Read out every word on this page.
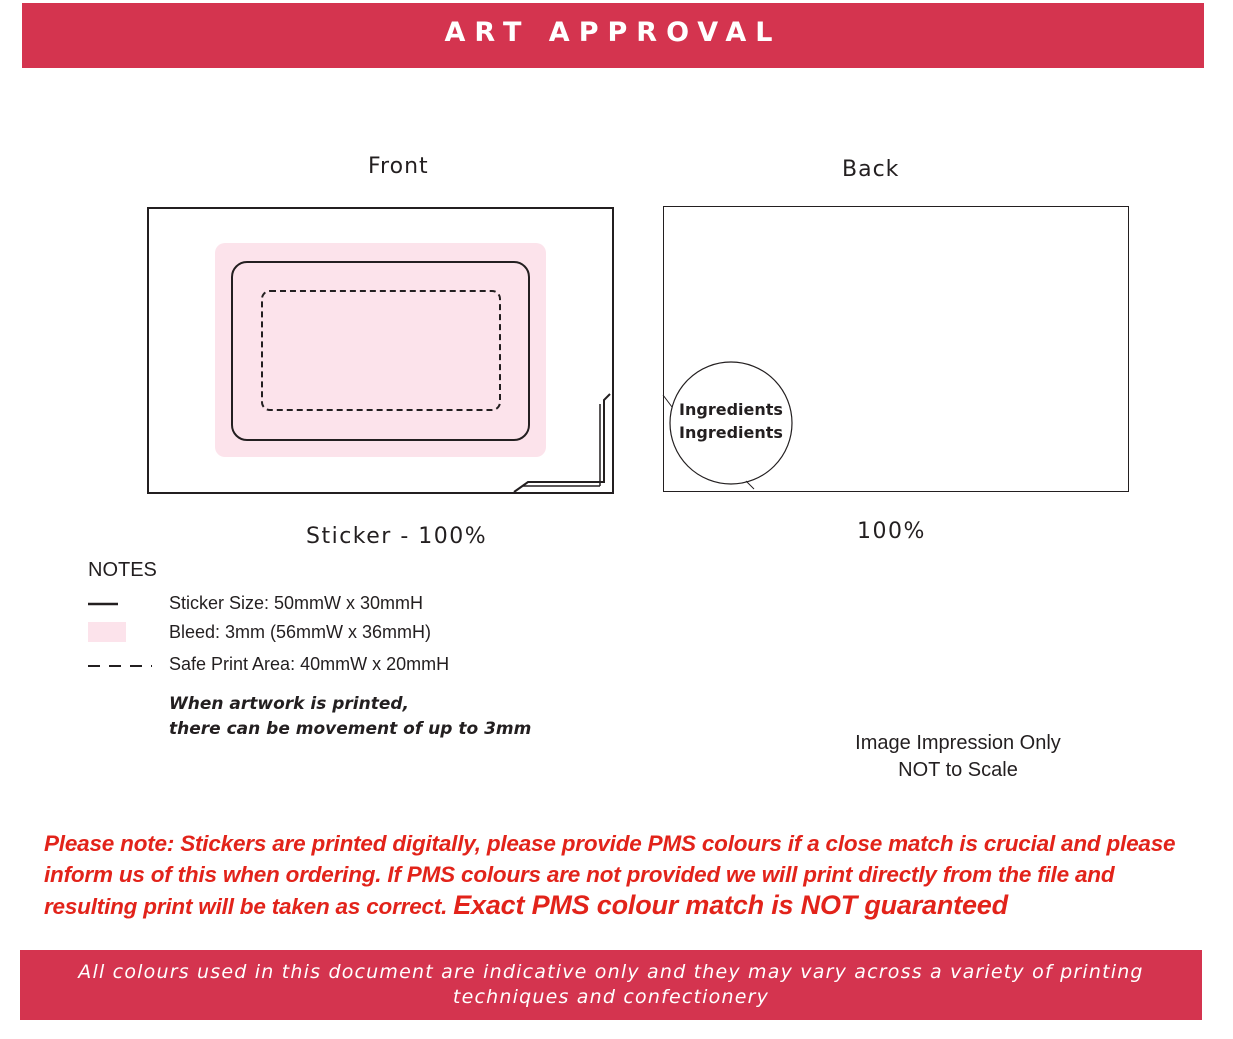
ART APPROVAL
Front	Back
Ingredients
Ingredients
Sticker - 100%	100%
NOTES
Sticker Size: 50mmW x 30mmH
Bleed: 3mm (56mmW x 36mmH)
Safe Print Area: 40mmW x 20mmH
When artwork is printed,
there can be movement of up to 3mm
Image Impression Only
NOT to Scale
Please note: Stickers are printed digitally, please provide PMS colours if a close match is crucial and please
inform us of this when ordering. If PMS colours are not provided we will print directly from the file and
resulting print will be taken as correct. Exact PMS colour match is NOT guaranteed
All colours used in this document are indicative only and they may vary across a variety of printing techniques and confectionery
